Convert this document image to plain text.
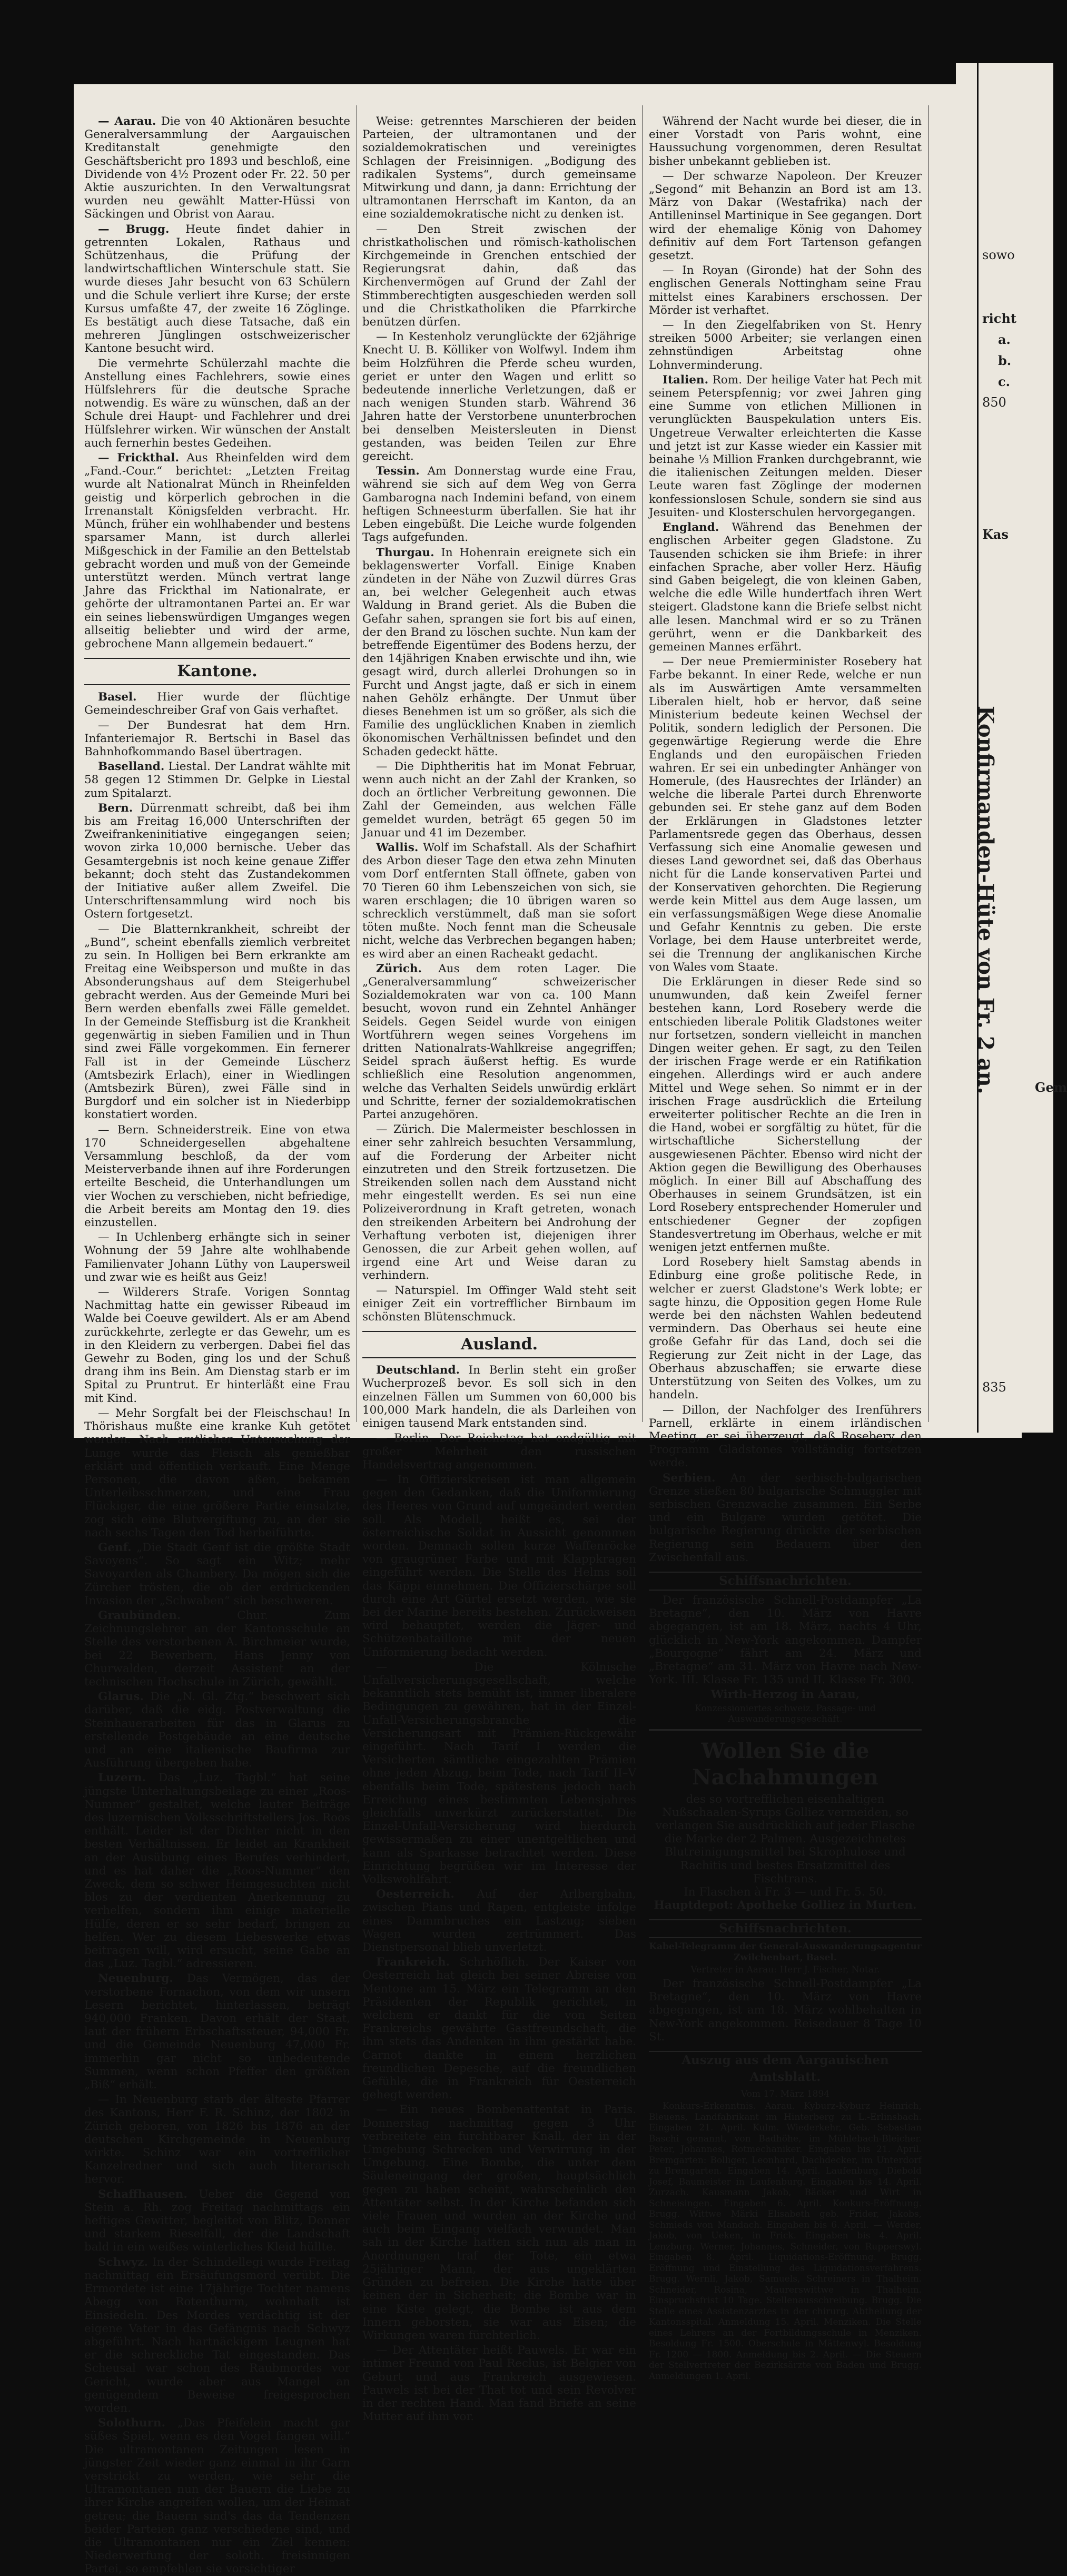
— Aarau. Die von 40 Aktionären besuchte Generalversammlung der Aargauischen Kreditanstalt genehmigte den Geschäftsbericht pro 1893 und beschloß, eine Dividende von 4½ Prozent oder Fr. 22. 50 per Aktie auszurichten. In den Verwaltungsrat wurden neu gewählt Matter-Hüssi von Säckingen und Obrist von Aarau.

— Brugg. Heute findet dahier in getrennten Lokalen, Rathaus und Schützenhaus, die Prüfung der landwirtschaftlichen Winterschule statt. Sie wurde dieses Jahr besucht von 63 Schülern und die Schule verliert ihre Kurse; der erste Kursus umfaßte 47, der zweite 16 Zöglinge. Es bestätigt auch diese Tatsache, daß ein mehreren Jünglingen ostschweizerischer Kantone besucht wird.

Die vermehrte Schülerzahl machte die Anstellung eines Fachlehrers, sowie eines Hülfslehrers für die deutsche Sprache notwendig. Es wäre zu wünschen, daß an der Schule drei Haupt- und Fachlehrer und drei Hülfslehrer wirken. Wir wünschen der Anstalt auch fernerhin bestes Gedeihen.

— Frickthal. Aus Rheinfelden wird dem „Fand.-Cour.“ berichtet: „Letzten Freitag wurde alt Nationalrat Münch in Rheinfelden geistig und körperlich gebrochen in die Irrenanstalt Königsfelden verbracht. Hr. Münch, früher ein wohlhabender und bestens sparsamer Mann, ist durch allerlei Mißgeschick in der Familie an den Bettelstab gebracht worden und muß von der Gemeinde unterstützt werden. Münch vertrat lange Jahre das Frickthal im Nationalrate, er gehörte der ultramontanen Partei an. Er war ein seines liebenswürdigen Umganges wegen allseitig beliebter und wird der arme, gebrochene Mann allgemein bedauert.“

Kantone.

Basel. Hier wurde der flüchtige Gemeindeschreiber Graf von Gais verhaftet.

— Der Bundesrat hat dem Hrn. Infanteriemajor R. Bertschi in Basel das Bahnhofkommando Basel übertragen.

Baselland. Liestal. Der Landrat wählte mit 58 gegen 12 Stimmen Dr. Gelpke in Liestal zum Spitalarzt.

Bern. Dürrenmatt schreibt, daß bei ihm bis am Freitag 16,000 Unterschriften der Zweifrankeninitiative eingegangen seien; wovon zirka 10,000 bernische. Ueber das Gesamtergebnis ist noch keine genaue Ziffer bekannt; doch steht das Zustandekommen der Initiative außer allem Zweifel. Die Unterschriftensammlung wird noch bis Ostern fortgesetzt.

— Die Blatternkrankheit, schreibt der „Bund“, scheint ebenfalls ziemlich verbreitet zu sein. In Holligen bei Bern erkrankte am Freitag eine Weibsperson und mußte in das Absonderungshaus auf dem Steigerhubel gebracht werden. Aus der Gemeinde Muri bei Bern werden ebenfalls zwei Fälle gemeldet. In der Gemeinde Steffisburg ist die Krankheit gegenwärtig in sieben Familien und in Thun sind zwei Fälle vorgekommen. Ein fernerer Fall ist in der Gemeinde Lüscherz (Amtsbezirk Erlach), einer in Wiedlingen (Amtsbezirk Büren), zwei Fälle sind in Burgdorf und ein solcher ist in Niederbipp konstatiert worden.

— Bern. Schneiderstreik. Eine von etwa 170 Schneidergesellen abgehaltene Versammlung beschloß, da der vom Meisterverbande ihnen auf ihre Forderungen erteilte Bescheid, die Unterhandlungen um vier Wochen zu verschieben, nicht befriedige, die Arbeit bereits am Montag den 19. dies einzustellen.

— In Uchlenberg erhängte sich in seiner Wohnung der 59 Jahre alte wohlhabende Familienvater Johann Lüthy von Laupersweil und zwar wie es heißt aus Geiz!

— Wilderers Strafe. Vorigen Sonntag Nachmittag hatte ein gewisser Ribeaud im Walde bei Coeuve gewildert. Als er am Abend zurückkehrte, zerlegte er das Gewehr, um es in den Kleidern zu verbergen. Dabei fiel das Gewehr zu Boden, ging los und der Schuß drang ihm ins Bein. Am Dienstag starb er im Spital zu Pruntrut. Er hinterläßt eine Frau mit Kind.

— Mehr Sorgfalt bei der Fleischschau! In Thörishaus mußte eine kranke Kuh getötet werden. Nach amtlicher Untersuchung der Lunge wurde das Fleisch als genießbar erklärt und öffentlich verkauft. Eine Menge Personen, die davon aßen, bekamen Unterleibsschmerzen, und eine Frau Flückiger, die eine größere Partie einsalzte, zog sich eine Blutvergiftung zu, an der sie nach sechs Tagen den Tod herbeiführte.

Genf. „Die Stadt Genf ist die größte Stadt Savoyens“. So sagt ein Witz; mehr Savoyarden als Chambery. Da mögen sich die Zürcher trösten, die ob der erdrückenden Invasion der „Schwaben“ sich beschweren.

Graubünden.	Chur. Zum Zeichnungslehrer an der Kantonsschule an Stelle des verstorbenen A. Birchmeier wurde, bei 22 Bewerbern, Hans Jenny von Churwalden, derzeit Assistent an der technischen Hochschule in Zürich, gewählt.

Glarus. Die „N. Gl. Ztg.“ beschwert sich darüber, daß die eidg. Postverwaltung die Steinhauerarbeiten für das in Glarus zu erstellende Postgebäude an eine deutsche und an eine italienische Baufirma zur Ausführung übergeben habe.

Luzern. Das „Luz. Tagbl.“ hat seine jüngste Unterhaltungsbeilage zu einer „Roos-Nummer“ gestaltet, welche lauter Beiträge des luzernischen Volksschriftstellers Jos. Roos enthält. Leider ist der Dichter nicht in den besten Verhältnissen. Er leidet an Krankheit an der Ausübung eines Berufes verhindert, und es hat daher die „Roos-Nummer“ den Zweck, dem so schwer Heimgesuchten nicht blos zu der verdienten Anerkennung zu verhelfen, sondern ihm einige materielle Hülfe, deren er so sehr bedarf, bringen zu helfen. Wer zu diesem Liebeswerke etwas beitragen will, wird ersucht, seine Gabe an das „Luz. Tagbl.“ adressieren.

Neuenburg. Das Vermögen, das der verstorbene Fornachon, von dem wir unsern Lesern berichtet, hinterlassen, beträgt 940,000 Franken. Davon erhält der Staat, laut der frühern Erbschaftssteuer, 94,000 Fr. und die Gemeinde Neuenburg 47,000 Fr. immerhin gar nicht so unbedeutende Summen, wenn schon Pfeffer den größten „Biß“ erhält.

— In Neuenburg starb der älteste Pfarrer des Kantons, Herr F. R. Schinz, der 1802 in Zürich geboren, von 1826 bis 1876 an der deutschen Kirchgemeinde in Neuenburg wirkte. Schinz war ein vortrefflicher Kanzelredner und sich auch literarisch hervor.

Schaffhausen. Ueber die Gegend von Stein a. Rh. zog Freitag nachmittags ein heftiges Gewitter, begleitet von Blitz, Donner und starkem Rieselfall, der die Landschaft bald in ein weißes winterliches Kleid hüllte.

Schwyz. In der Schindellegi wurde Freitag nachmittag ein Ersäufungsmord verübt. Die Ermordete ist eine 17jährige Tochter namens Abegg von Rotenthurm, wohnhaft ist Einsiedeln. Des Mordes verdächtig ist der eigene Vater in das Gefängnis nach Schwyz abgeführt. Nach hartnäckigem Leugnen hat er die schreckliche Tat eingestanden. Das Scheusal war schon des Raubmordes vor Gericht, wurde aber aus Mangel an genügendem Beweise freigesprochen worden.

Solothurn. „Das Pfeifelein macht gar süßes Spiel, wenn es den Vogel fangen will.“ Die ultramontanen Zeitungen lesen in jüngster Zeit wieder ganz einmal in ihr Garn verstrickt zu werden, wie sehr die Ultramontanen nun der Bauern die Liebe zu ihrer Kirche angreifen wollen, um der Heimat getreu; die Bauern sind's das da Tendenzen beider Parteien ganz verschiedene sind, und die Ultramontanen nur ein Ziel kennen: Niederwerfung der soloth. freisinnigen Partei, so empfehlen sie vorsichtiger

Weise: getrenntes Marschieren der beiden Parteien, der ultramontanen und der sozialdemokratischen und vereinigtes Schlagen der Freisinnigen. „Bodigung des radikalen Systems“, durch gemeinsame Mitwirkung und dann, ja dann: Errichtung der ultramontanen Herrschaft im Kanton, da an eine sozialdemokratische nicht zu denken ist.

— Den Streit zwischen der christkatholischen und römisch-katholischen Kirchgemeinde in Grenchen entschied der Regierungsrat dahin, daß das Kirchenvermögen auf Grund der Zahl der Stimmberechtigten ausgeschieden werden soll und die Christkatholiken die Pfarrkirche benützen dürfen.

— In Kestenholz verunglückte der 62jährige Knecht U. B. Kölliker von Wolfwyl. Indem ihm beim Holzführen die Pferde scheu wurden, geriet er unter den Wagen und erlitt so bedeutende innerliche Verletzungen, daß er nach wenigen Stunden starb. Während 36 Jahren hatte der Verstorbene ununterbrochen bei denselben Meistersleuten in Dienst gestanden, was beiden Teilen zur Ehre gereicht.

Tessin. Am Donnerstag wurde eine Frau, während sie sich auf dem Weg von Gerra Gambarogna nach Indemini befand, von einem heftigen Schneesturm überfallen. Sie hat ihr Leben eingebüßt. Die Leiche wurde folgenden Tags aufgefunden.

Thurgau. In Hohenrain ereignete sich ein beklagenswerter Vorfall. Einige Knaben zündeten in der Nähe von Zuzwil dürres Gras an, bei welcher Gelegenheit auch etwas Waldung in Brand geriet. Als die Buben die Gefahr sahen, sprangen sie fort bis auf einen, der den Brand zu löschen suchte. Nun kam der betreffende Eigentümer des Bodens herzu, der den 14jährigen Knaben erwischte und ihn, wie gesagt wird, durch allerlei Drohungen so in Furcht und Angst jagte, daß er sich in einem nahen Gehölz erhängte. Der Unmut über dieses Benehmen ist um so größer, als sich die Familie des unglücklichen Knaben in ziemlich ökonomischen Verhältnissen befindet und den Schaden gedeckt hätte.

— Die Diphtheritis hat im Monat Februar, wenn auch nicht an der Zahl der Kranken, so doch an örtlicher Verbreitung gewonnen. Die Zahl der Gemeinden, aus welchen Fälle gemeldet wurden, beträgt 65 gegen 50 im Januar und 41 im Dezember.

Wallis. Wolf im Schafstall. Als der Schafhirt des Arbon dieser Tage den etwa zehn Minuten vom Dorf entfernten Stall öffnete, gaben von 70 Tieren 60 ihm Lebenszeichen von sich, sie waren erschlagen; die 10 übrigen waren so schrecklich verstümmelt, daß man sie sofort töten mußte. Noch fennt man die Scheusale nicht, welche das Verbrechen begangen haben; es wird aber an einen Racheakt gedacht.

Zürich. Aus dem roten Lager. Die „Generalversammlung“ schweizerischer Sozialdemokraten war von ca. 100 Mann besucht, wovon rund ein Zehntel Anhänger Seidels. Gegen Seidel wurde von einigen Wortführern wegen seines Vorgehens im dritten Nationalrats-Wahlkreise angegriffen; Seidel sprach äußerst heftig. Es wurde schließlich eine Resolution angenommen, welche das Verhalten Seidels unwürdig erklärt und Schritte, ferner der sozialdemokratischen Partei anzugehören.

— Zürich. Die Malermeister beschlossen in einer sehr zahlreich besuchten Versammlung, auf die Forderung der Arbeiter nicht einzutreten und den Streik fortzusetzen. Die Streikenden sollen nach dem Ausstand nicht mehr eingestellt werden. Es sei nun eine Polizeiverordnung in Kraft getreten, wonach den streikenden Arbeitern bei Androhung der Verhaftung verboten ist, diejenigen ihrer Genossen, die zur Arbeit gehen wollen, auf irgend eine Art und Weise daran zu verhindern.

— Naturspiel. Im Offinger Wald steht seit einiger Zeit ein vortrefflicher Birnbaum im schönsten Blütenschmuck.

Ausland.

Deutschland. In Berlin steht ein großer Wucherprozeß bevor. Es soll sich in den einzelnen Fällen um Summen von 60,000 bis 100,000 Mark handeln, die als Darleihen von einigen tausend Mark entstanden sind.

— Berlin. Der Reichstag hat endgültig mit großer Mehrheit den russischen Handelsvertrag angenommen.

— In Offizierskreisen ist man allgemein gegen den Gedanken, daß die Uniformierung des Heeres von Grund auf umgeändert werden soll. Als Modell, heißt es, sei der österreichische Soldat in Aussicht genommen worden. Demnach sollen kurze Waffenröcke von graugrüner Farbe und mit Klappkragen eingeführt werden. Die Stelle des Helms soll das Käppi einnehmen. Die Offizierschärpe soll durch eine Art Gürtel ersetzt werden, wie sie bei der Marine bereits bestehen. Zurückweisen wird behauptet, werden die Jäger- und Schützenbataillone mit der neuen Uniformierung bedacht werden.

— Die Kölnische Unfallversicherungsgesellschaft, welche bekanntlich stets bemüht ist, immer liberalere Bedingungen zu gewähren, hat in der Einzel-Unfall-Versicherungsbranche die Versicherungsart mit Prämien-Rückgewähr eingeführt. Nach Tarif I werden die Versicherten sämtliche eingezahlten Prämien ohne jeden Abzug, beim Tode, nach Tarif II–V ebenfalls beim Tode, spätestens jedoch nach Erreichung eines bestimmten Lebensjahres gleichfalls unverkürzt zurückerstattet. Die Einzel-Unfall-Versicherung wird hierdurch gewissermaßen zu einer unentgeltlichen und kann als Sparkasse betrachtet werden. Diese Einrichtung begrüßen wir im Interesse der Volkswohlfahrt.

Oesterreich. Auf der Arlbergbahn, zwischen Pians und Rapen, entgleiste infolge eines Dammbruches ein Lastzug; sieben Wagen wurden zertrümmert. Das Dienstpersonal blieb unverletzt.

Frankreich. Schrhöflich. Der Kaiser von Oesterreich hat gleich bei seiner Abreise von Mentone am 15. März ein Telegramm an den Präsidenten der Republik gerichtet, in welchem er dankt für die von Seiten Frankreichs gewährte Gastfreundschaft, die ihm stets das Andenken in ihm gestärkt habe. Carnot dankte in einem herzlichen freundlichen Depesche, auf die freundlichen Gefühle, die in Frankreich für Oesterreich gehegt werden.

— Ein neues Bombenattentat in Paris. Donnerstag nachmittag gegen 3 Uhr verbreitete ein furchtbarer Knall, der in der Umgebung Schrecken und Verwirrung in der Umgebung. Eine Bombe, die unter dem Säuleneingang der großen, hauptsächlich gegen zu haben scheint, wahrscheinlich den Attentäter selbst. In der Kirche befanden sich viele Frauen und wurden an der Kirche und auch beim Eingang vielfach verwundet. Man sah in der Kirche hatten sich nun als man in Anordnungen traf der Tote, ein etwa 25jähriger Mann, der aus ungeklärten Gründen zu befreien. Die Kirche hatte über keinen der in Sicherheit; die Bombe war in eine Kiste gelegt, die Bombe ist aus dem Innern geborsten, sie war aus Eisen; die Wirkungen waren fürchterlich.

— Der Attentäter heißt Pauwels. Er war ein intimer Freund von Paul Reclus, ist Belgier von Geburt und aus Frankreich ausgewiesen. Pauwels ist bei der That tot und sein Revolver in der rechten Hand. Man fand Briefe an seine Mutter auf ihm vor.

Während der Nacht wurde bei dieser, die in einer Vorstadt von Paris wohnt, eine Haussuchung vorgenommen, deren Resultat bisher unbekannt geblieben ist.

— Der schwarze Napoleon. Der Kreuzer „Segond“ mit Behanzin an Bord ist am 13. März von Dakar (Westafrika) nach der Antilleninsel Martinique in See gegangen. Dort wird der ehemalige König von Dahomey definitiv auf dem Fort Tartenson gefangen gesetzt.

— In Royan (Gironde) hat der Sohn des englischen Generals Nottingham seine Frau mittelst eines Karabiners erschossen. Der Mörder ist verhaftet.

— In den Ziegelfabriken von St. Henry streiken 5000 Arbeiter; sie verlangen einen zehnstündigen Arbeitstag ohne Lohnverminderung.

Italien. Rom. Der heilige Vater hat Pech mit seinem Peterspfennig; vor zwei Jahren ging eine Summe von etlichen Millionen in verunglückten Bauspekulation unters Eis. Ungetreue Verwalter erleichterten die Kasse und jetzt ist zur Kasse wieder ein Kassier mit beinahe ⅓ Million Franken durchgebrannt, wie die italienischen Zeitungen melden. Dieser Leute waren fast Zöglinge der modernen konfessionslosen Schule, sondern sie sind aus Jesuiten- und Klosterschulen hervorgegangen.

England. Während das Benehmen der englischen Arbeiter gegen Gladstone. Zu Tausenden schicken sie ihm Briefe: in ihrer einfachen Sprache, aber voller Herz. Häufig sind Gaben beigelegt, die von kleinen Gaben, welche die edle Wille hundertfach ihren Wert steigert. Gladstone kann die Briefe selbst nicht alle lesen. Manchmal wird er so zu Tränen gerührt, wenn er die Dankbarkeit des gemeinen Mannes erfährt.

— Der neue Premierminister Rosebery hat Farbe bekannt. In einer Rede, welche er nun als im Auswärtigen Amte versammelten Liberalen hielt, hob er hervor, daß seine Ministerium bedeute keinen Wechsel der Politik, sondern lediglich der Personen. Die gegenwärtige Regierung werde die Ehre Englands und den europäischen Frieden wahren. Er sei ein unbedingter Anhänger von Homerule, (des Hausrechtes der Irländer) an welche die liberale Partei durch Ehrenworte gebunden sei. Er stehe ganz auf dem Boden der Erklärungen in Gladstones letzter Parlamentsrede gegen das Oberhaus, dessen Verfassung sich eine Anomalie gewesen und dieses Land gewordnet sei, daß das Oberhaus nicht für die Lande konservativen Partei und der Konservativen gehorchten. Die Regierung werde kein Mittel aus dem Auge lassen, um ein verfassungsmäßigen Wege diese Anomalie und Gefahr Kenntnis zu geben. Die erste Vorlage, bei dem Hause unterbreitet werde, sei die Trennung der anglikanischen Kirche von Wales vom Staate.

Die Erklärungen in dieser Rede sind so unumwunden, daß kein Zweifel ferner bestehen kann, Lord Rosebery werde die entschieden liberale Politik Gladstones weiter nur fortsetzen, sondern vielleicht in manchen Dingen weiter gehen. Er sagt, zu den Teilen der irischen Frage werde er ein Ratifikation eingehen. Allerdings wird er auch andere Mittel und Wege sehen. So nimmt er in der irischen Frage ausdrücklich die Erteilung erweiterter politischer Rechte an die Iren in die Hand, wobei er sorgfältig zu hütet, für die wirtschaftliche Sicherstellung der ausgewiesenen Pächter. Ebenso wird nicht der Aktion gegen die Bewilligung des Oberhauses möglich. In einer Bill auf Abschaffung des Oberhauses in seinem Grundsätzen, ist ein Lord Rosebery entsprechender Homeruler und entschiedener Gegner der zopfigen Standesvertretung im Oberhaus, welche er mit wenigen jetzt entfernen mußte.

Lord Rosebery hielt Samstag abends in Edinburg eine große politische Rede, in welcher er zuerst Gladstone's Werk lobte; er sagte hinzu, die Opposition gegen Home Rule werde bei den nächsten Wahlen bedeutend vermindern. Das Oberhaus sei heute eine große Gefahr für das Land, doch sei die Regierung zur Zeit nicht in der Lage, das Oberhaus abzuschaffen; sie erwarte diese Unterstützung von Seiten des Volkes, um zu handeln.

— Dillon, der Nachfolger des Irenführers Parnell, erklärte in einem irländischen Meeting, er sei überzeugt, daß Rosebery den Programm Gladstones vollständig fortsetzen werde.

Serbien. An der serbisch-bulgarischen Grenze stießen 80 bulgarische Schmuggler mit serbischen Grenzwache zusammen. Ein Serbe und ein Bulgare wurden getötet. Die bulgarische Regierung drückte der serbischen Regierung sein Bedauern über den Zwischenfall aus.

Schiffsnachrichten.

Der französische Schnell-Postdampfer „La Bretagne“, den 10. März von Havre abgegangen, ist am 18. März, nachts 4 Uhr, glücklich in New-York angekommen. Dampfer „Bourgogne“ fährt am 24. März und „Bretagne“ am 31. März von Havre nach New-York. III. Klasse Fr. 135 und II. Klasse Fr. 300.

Wirth-Herzog in Aarau,

Konzessioniertes schweiz. Passage- und Auswanderungsgeschäft.

Wollen Sie die Nachahmungen

des so vortrefflichen eisenhaltigen Nußschaalen-Syrups Golliez vermeiden, so verlangen Sie ausdrücklich auf jeder Flasche die Marke der 2 Palmen. Ausgezeichnetes Blutreinigungsmittel bei Skrophulose und Rachitis und bestes Ersatzmittel des Fischtrans.

In Flaschen à Fr. 3 — und Fr. 5. 50.

Hauptdepot: Apotheke Golliez in Murten.

Schiffsnachrichten.

Kabel-Telegramm der General-Auswanderungsagentur Zwilchenbart, Basel.

Vertreter in Aarau: Herr J. Fischer, Notar.

Der französische Schnell-Postdampfer „La Bretagne“, den 10. März von Havre abgegangen, ist am 18. März wohlbehalten in New-York angekommen. Reisedauer 8 Tage 10 St.

Auszug aus dem Aargauischen Amtsblatt.

Vom 17. März 1894

Konkurs-Erkenntnis. Aarau. Kyburz-Kyburz Heinrich, Bleuens, Landfabrikant im Hinterberg zu L.-Erlinsbach. Eingaben 21. April. Kulm. Wiederkehr, Geb. Sebastian Baschi genannt, von Badhöhe, im Mühlebach-Bleicher. Peter, Johannes, Rotmechaniker. Eingaben bis 21. April. Bremgarten: Bolliger, Leonhard, Dachdecker, im Unterdorf zu Bremgarten. Eingaben 14. April. Laufenburg. Diebold Josef, Baumeister in Laufenburg. Eingaben bis 14. April. Zurzach. Kausmann Jakob, Bäcker und Wirt in Schneisingen. Eingaben 6. April. Konkurs-Eröffnung. Brugg. Wittwe Märki Elisabeth geb. Frider, Jakobs, Schmieds von Mandach. Eingaben bis 6. April. — Werder, Jakob, von Ueken, in Frick. Eingaben bis 4. April. Lenzburg. Werner, Johannes, Schneider, von Rupperswyl. Eingaben 8. April. Liquidations-Eröffnung. Brugg. Eröffnung und Einstellung des Liquidationsverfahrens. Brugg. Wernli, Jakob, Samuels, Schreiners in Thalheim. Schneider, Rosina, Maurerswittwe in Thalheim. Einspruchsfrist 10 Tage. Stellenausschreibung. Brugg. Die Stelle eines Assistenzarztes in der chirurg. Abtheilung der Kantonsspital. Anmeldung 15. April. Menziken. Die Stelle eines Lehrers an der Fortbildungsschule in Menziken. Besoldung Fr. 1500. Oberschule in Mättenwyl. Besoldung Fr. 1200 — 1800. Anmeldung bis 2. April. — Die Steuern der Stellvertreter der Bezirksärzte von Baden und Brugg. Anmeldungen 1. April.

sowo
richt
a.
b.
c.
850
Kas
Konfirmanden-Hüte von Fr. 2 an.	Gem
835
